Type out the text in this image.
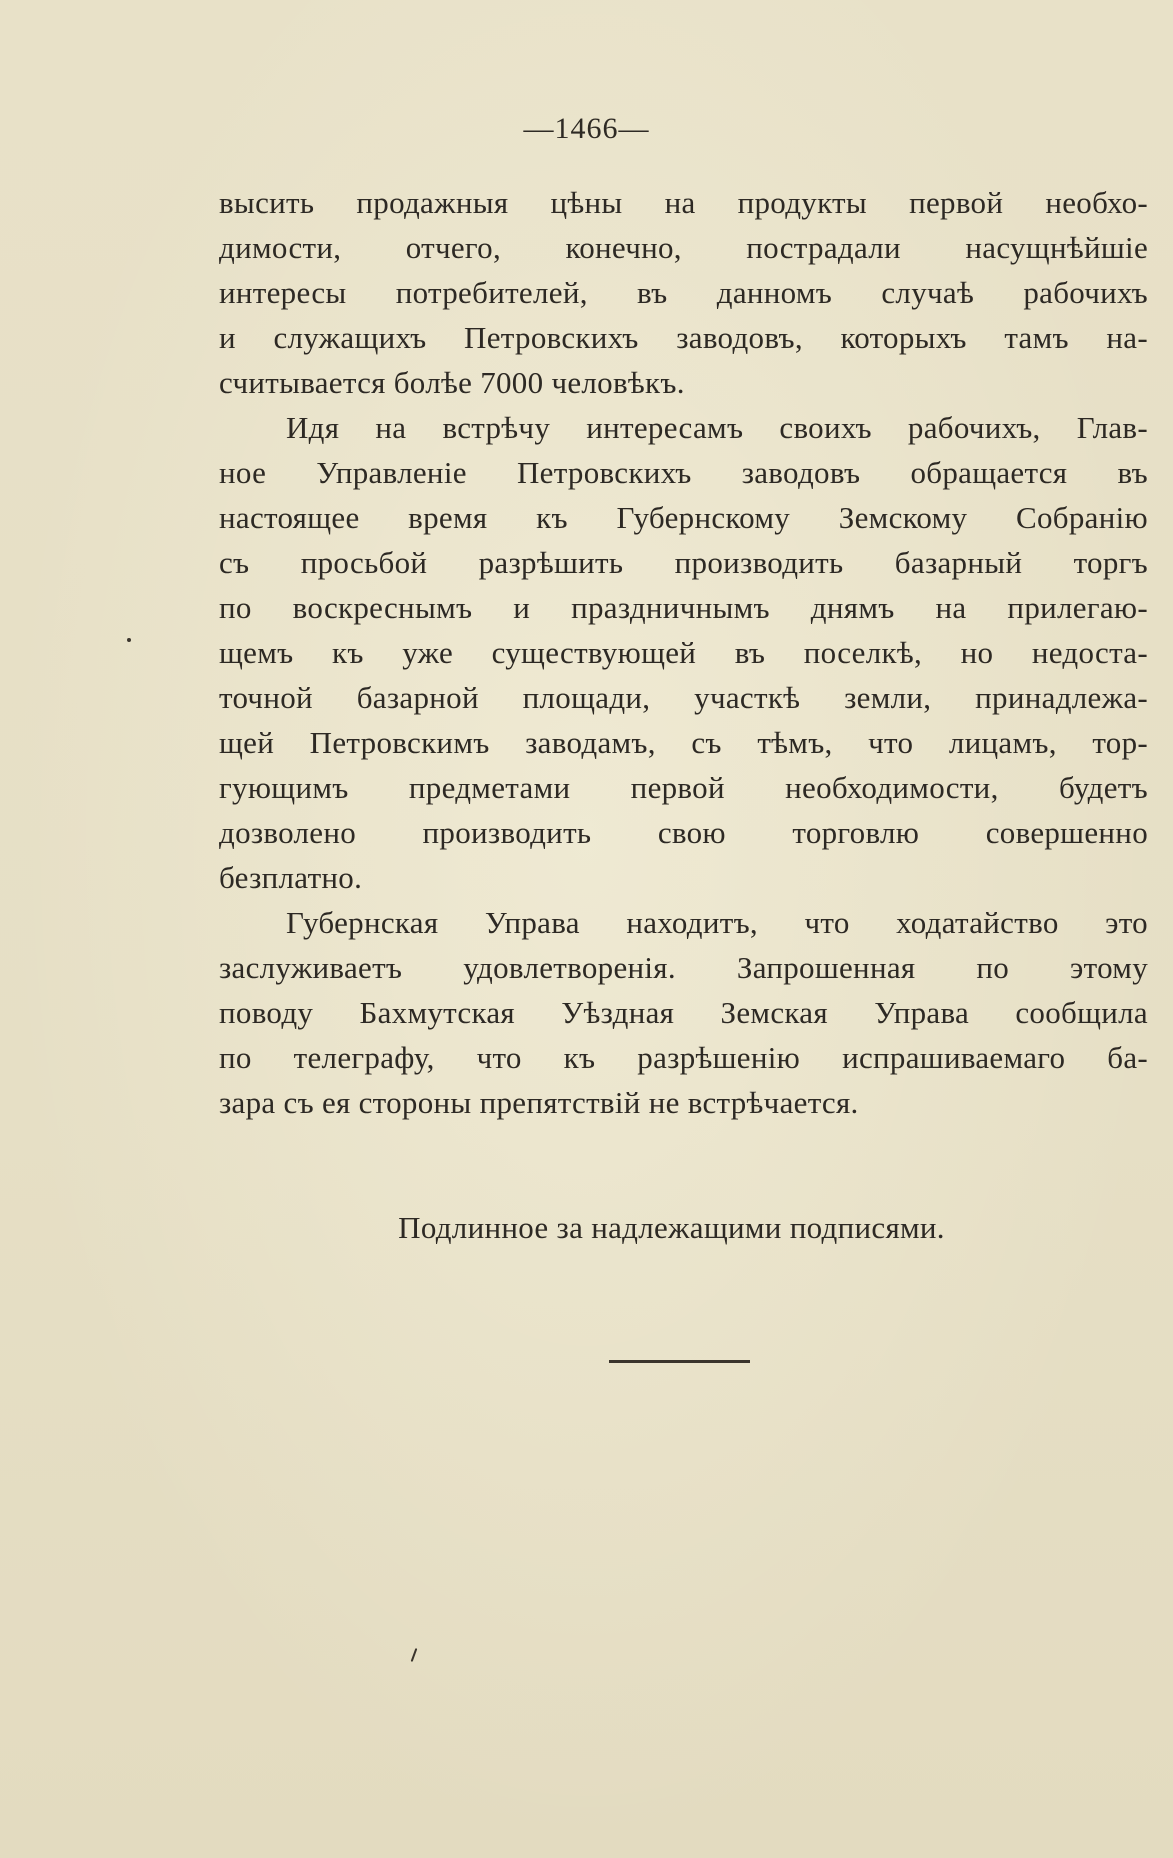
—1466—
высить продажныя цѣны на продукты первой необхо-
димости, отчего, конечно, пострадали насущнѣйшіе
интересы потребителей, въ данномъ случаѣ рабочихъ
и служащихъ Петровскихъ заводовъ, которыхъ тамъ на-
считывается болѣе 7000 человѣкъ.
Идя на встрѣчу интересамъ своихъ рабочихъ, Глав-
ное Управленіе Петровскихъ заводовъ обращается въ
настоящее время къ Губернскому Земскому Собранію
съ просьбой разрѣшить производить базарный торгъ
по воскреснымъ и праздничнымъ днямъ на прилегаю-
щемъ къ уже существующей въ поселкѣ, но недоста-
точной базарной площади, участкѣ земли, принадлежа-
щей Петровскимъ заводамъ, съ тѣмъ, что лицамъ, тор-
гующимъ предметами первой необходимости, будетъ
дозволено производить свою торговлю совершенно
безплатно.
Губернская Управа находитъ, что ходатайство это
заслуживаетъ удовлетворенія. Запрошенная по этому
поводу Бахмутская Уѣздная Земская Управа сообщила
по телеграфу, что къ разрѣшенію испрашиваемаго ба-
зара съ ея стороны препятствій не встрѣчается.
Подлинное за надлежащими подписями.
